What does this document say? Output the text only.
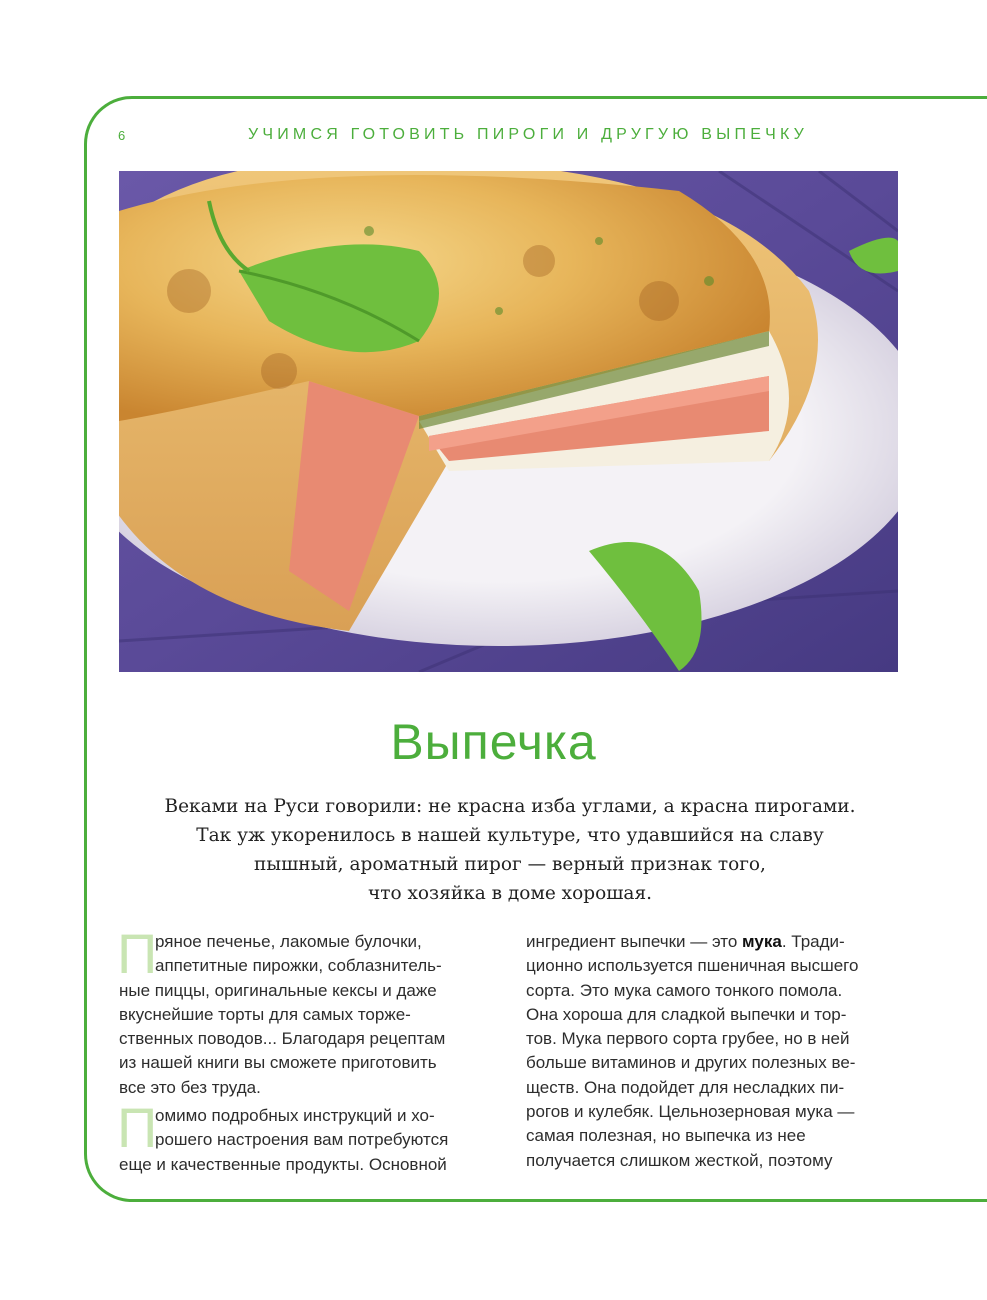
6	УЧИМСЯ ГОТОВИТЬ ПИРОГИ И ДРУГУЮ ВЫПЕЧКУ
Выпечка
Веками на Руси говорили: не красна изба углами, а красна пирогами.
Так уж укоренилось в нашей культуре, что удавшийся на славу
пышный, ароматный пирог — верный признак того,
что хозяйка в доме хорошая.
П
ряное печенье, лакомые булочки,
аппетитные пирожки, соблазнитель-
ные пиццы, оригинальные кексы и даже
вкуснейшие торты для самых торже-
ственных поводов... Благодаря рецептам
из нашей книги вы сможете приготовить
все это без труда.
П
омимо подробных инструкций и хо-
рошего настроения вам потребуются
еще и качественные продукты. Основной
ингредиент выпечки — это мука. Тради-
ционно используется пшеничная высшего
сорта. Это мука самого тонкого помола.
Она хороша для сладкой выпечки и тор-
тов. Мука первого сорта грубее, но в ней
больше витаминов и других полезных ве-
ществ. Она подойдет для несладких пи-
рогов и кулебяк. Цельнозерновая мука —
самая полезная, но выпечка из нее
получается слишком жесткой, поэтому
